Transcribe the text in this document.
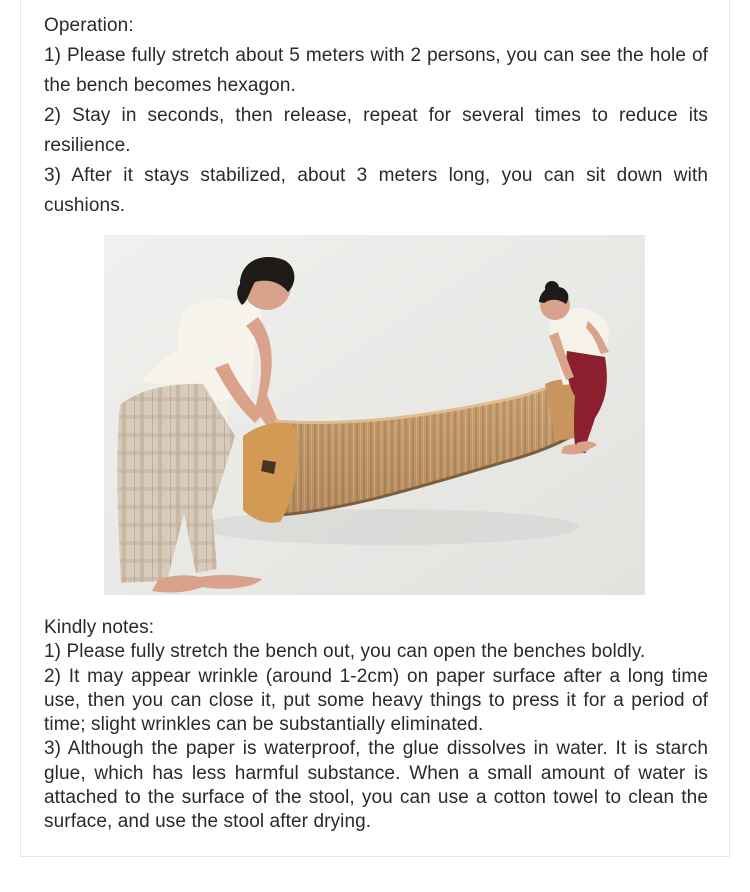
Operation:

1) Please fully stretch about 5 meters with 2 persons, you can see the hole of the bench becomes hexagon.

2) Stay in seconds, then release, repeat for several times to reduce its resilience.

3) After it stays stabilized, about 3 meters long, you can sit down with cushions.

Kindly notes:

1) Please fully stretch the bench out, you can open the benches boldly.

2) It may appear wrinkle (around 1-2cm) on paper surface after a long time use, then you can close it, put some heavy things to press it for a period of time; slight wrinkles can be substantially eliminated.

3) Although the paper is waterproof, the glue dissolves in water. It is starch glue, which has less harmful substance. When a small amount of water is attached to the surface of the stool, you can use a cotton towel to clean the surface, and use the stool after drying.
